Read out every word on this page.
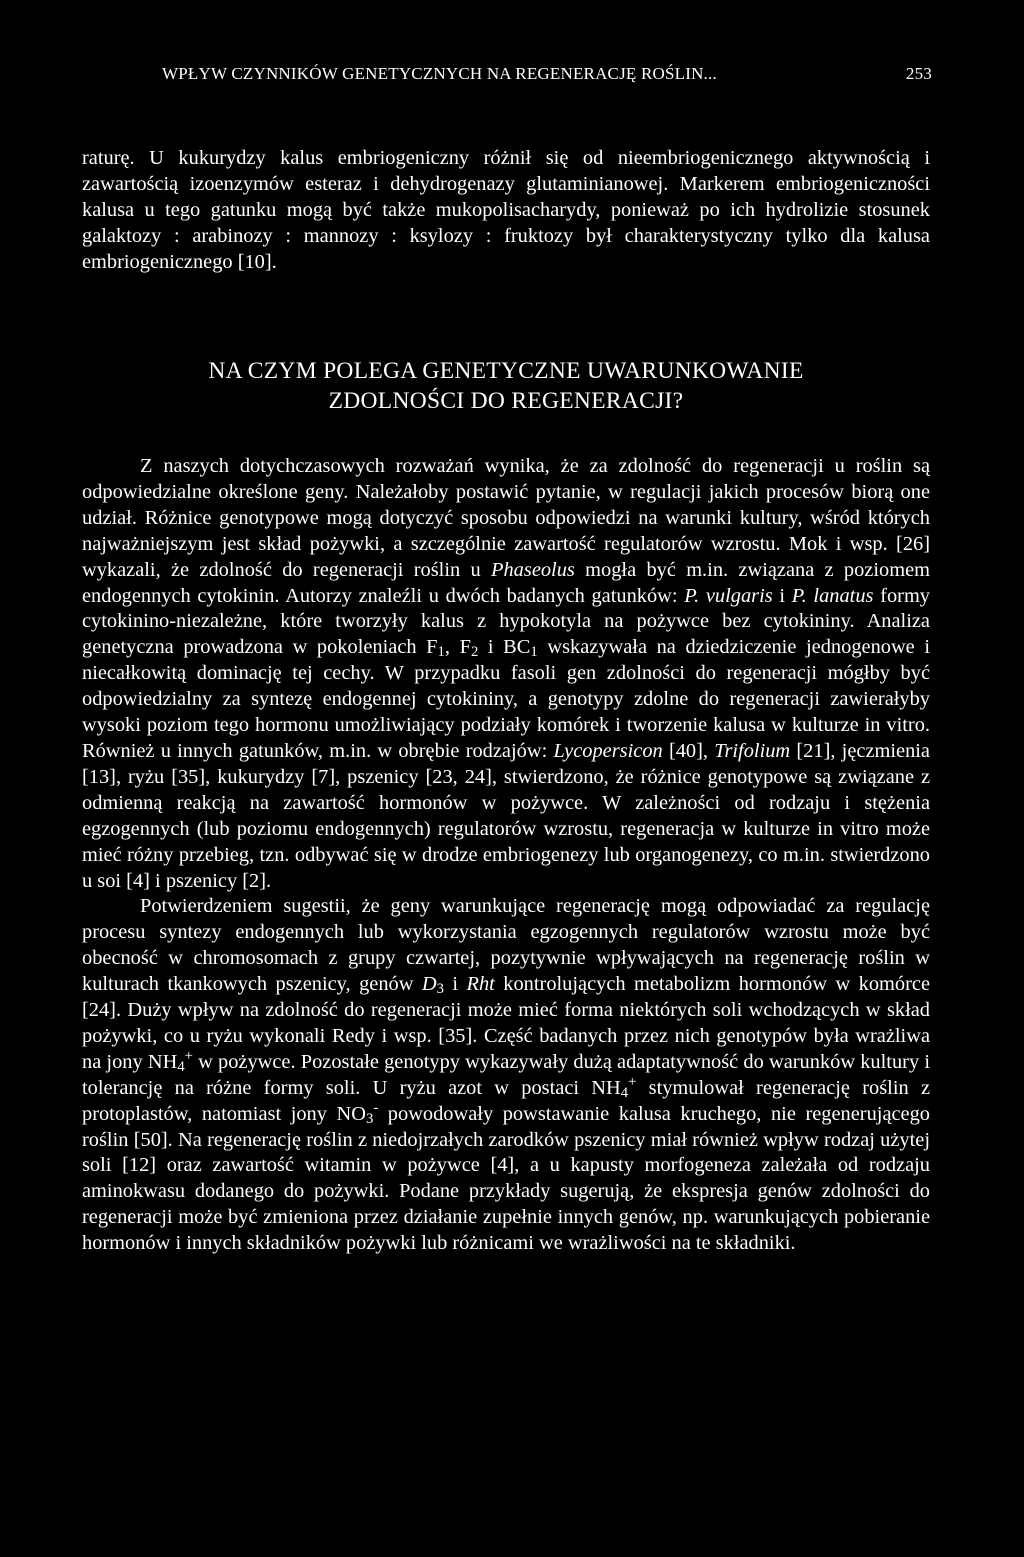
WPŁYW CZYNNIKÓW GENETYCZNYCH NA REGENERACJĘ ROŚLIN...	253

raturę. U kukurydzy kalus embriogeniczny różnił się od nieembriogenicznego aktywnością i zawartością izoenzymów esteraz i dehydrogenazy glutaminianowej. Markerem embriogeniczności kalusa u tego gatunku mogą być także mukopolisacharydy, ponieważ po ich hydrolizie stosunek galaktozy : arabinozy : mannozy : ksylozy : fruktozy był charakterystyczny tylko dla kalusa embriogenicznego [10].

NA CZYM POLEGA GENETYCZNE UWARUNKOWANIE
ZDOLNOŚCI DO REGENERACJI?

Z naszych dotychczasowych rozważań wynika, że za zdolność do regeneracji u roślin są odpowiedzialne określone geny. Należałoby postawić pytanie, w regulacji jakich procesów biorą one udział. Różnice genotypowe mogą dotyczyć sposobu odpowiedzi na warunki kultury, wśród których najważniejszym jest skład pożywki, a szczególnie zawartość regulatorów wzrostu. Mok i wsp. [26] wykazali, że zdolność do regeneracji roślin u Phaseolus mogła być m.in. związana z poziomem endogennych cytokinin. Autorzy znaleźli u dwóch badanych gatunków: P. vulgaris i P. lanatus formy cytokinino-niezależne, które tworzyły kalus z hypokotyla na pożywce bez cytokininy. Analiza genetyczna prowadzona w pokoleniach $F_1$, $F_2$ i $BC_1$ wskazywała na dziedziczenie jednogenowe i niecałkowitą dominację tej cechy. W przypadku fasoli gen zdolności do regeneracji mógłby być odpowiedzialny za syntezę endogennej cytokininy, a genotypy zdolne do regeneracji zawierałyby wysoki poziom tego hormonu umożliwiający podziały komórek i tworzenie kalusa w kulturze in vitro. Również u innych gatunków, m.in. w obrębie rodzajów: Lycopersicon [40], Trifolium [21], jęczmienia [13], ryżu [35], kukurydzy [7], pszenicy [23, 24], stwierdzono, że różnice genotypowe są związane z odmienną reakcją na zawartość hormonów w pożywce. W zależności od rodzaju i stężenia egzogennych (lub poziomu endogennych) regulatorów wzrostu, regeneracja w kulturze in vitro może mieć różny przebieg, tzn. odbywać się w drodze embriogenezy lub organogenezy, co m.in. stwierdzono u soi [4] i pszenicy [2].

Potwierdzeniem sugestii, że geny warunkujące regenerację mogą odpowiadać za regulację procesu syntezy endogennych lub wykorzystania egzogennych regulatorów wzrostu może być obecność w chromosomach z grupy czwartej, pozytywnie wpływających na regenerację roślin w kulturach tkankowych pszenicy, genów $D_3$ i Rht kontrolujących metabolizm hormonów w komórce [24]. Duży wpływ na zdolność do regeneracji może mieć forma niektórych soli wchodzących w skład pożywki, co u ryżu wykonali Redy i wsp. [35]. Część badanych przez nich genotypów była wrażliwa na jony $NH_4^+$ w pożywce. Pozostałe genotypy wykazywały dużą adaptatywność do warunków kultury i tolerancję na różne formy soli. U ryżu azot w postaci $NH_4^+$ stymulował regenerację roślin z protoplastów, natomiast jony $NO_3^-$ powodowały powstawanie kalusa kruchego, nie regenerującego roślin [50]. Na regenerację roślin z niedojrzałych zarodków pszenicy miał również wpływ rodzaj użytej soli [12] oraz zawartość witamin w pożywce [4], a u kapusty morfogeneza zależała od rodzaju aminokwasu dodanego do pożywki. Podane przykłady sugerują, że ekspresja genów zdolności do regeneracji może być zmieniona przez działanie zupełnie innych genów, np. warunkujących pobieranie hormonów i innych składników pożywki lub różnicami we wrażliwości na te składniki.
